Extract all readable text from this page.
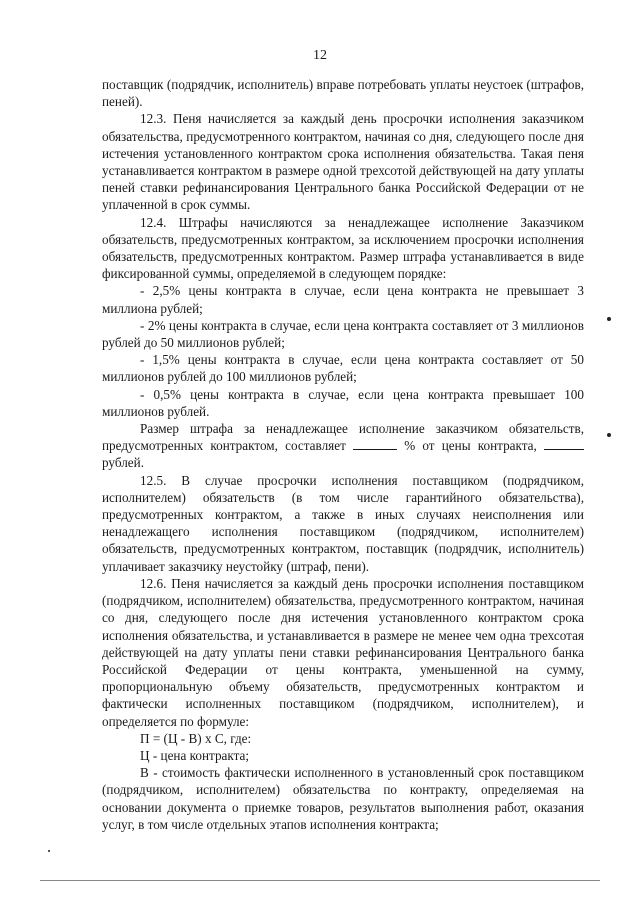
12

поставщик (подрядчик, исполнитель) вправе потребовать уплаты неустоек (штрафов, пеней).

12.3. Пеня начисляется за каждый день просрочки исполнения заказчиком обязательства, предусмотренного контрактом, начиная со дня, следующего после дня истечения установленного контрактом срока исполнения обязательства. Такая пеня устанавливается контрактом в размере одной трехсотой действующей на дату уплаты пеней ставки рефинансирования Центрального банка Российской Федерации от не уплаченной в срок суммы.

12.4. Штрафы начисляются за ненадлежащее исполнение Заказчиком обязательств, предусмотренных контрактом, за исключением просрочки исполнения обязательств, предусмотренных контрактом. Размер штрафа устанавливается в виде фиксированной суммы, определяемой в следующем порядке:

- 2,5% цены контракта в случае, если цена контракта не превышает 3 миллиона рублей;

- 2% цены контракта в случае, если цена контракта составляет от 3 миллионов рублей до 50 миллионов рублей;

- 1,5% цены контракта в случае, если цена контракта составляет от 50 миллионов рублей до 100 миллионов рублей;

- 0,5% цены контракта в случае, если цена контракта превышает 100 миллионов рублей.

Размер штрафа за ненадлежащее исполнение заказчиком обязательств, предусмотренных контрактом, составляет	% от цены контракта,  рублей.

12.5. В случае просрочки исполнения поставщиком (подрядчиком, исполнителем) обязательств (в том числе гарантийного обязательства), предусмотренных контрактом, а также в иных случаях неисполнения или ненадлежащего исполнения поставщиком (подрядчиком, исполнителем) обязательств, предусмотренных контрактом, поставщик (подрядчик, исполнитель) уплачивает заказчику неустойку (штраф, пени).

12.6. Пеня начисляется за каждый день просрочки исполнения поставщиком (подрядчиком, исполнителем) обязательства, предусмотренного контрактом, начиная со дня, следующего после дня истечения установленного контрактом срока исполнения обязательства, и устанавливается в размере не менее чем одна трехсотая действующей на дату уплаты пени ставки рефинансирования Центрального банка Российской Федерации от цены контракта, уменьшенной на сумму, пропорциональную объему обязательств, предусмотренных контрактом и фактически исполненных поставщиком (подрядчиком, исполнителем), и определяется по формуле:

П = (Ц - В) x С, где:

Ц - цена контракта;

В - стоимость фактически исполненного в установленный срок поставщиком (подрядчиком, исполнителем) обязательства по контракту, определяемая на основании документа о приемке товаров, результатов выполнения работ, оказания услуг, в том числе отдельных этапов исполнения контракта;
